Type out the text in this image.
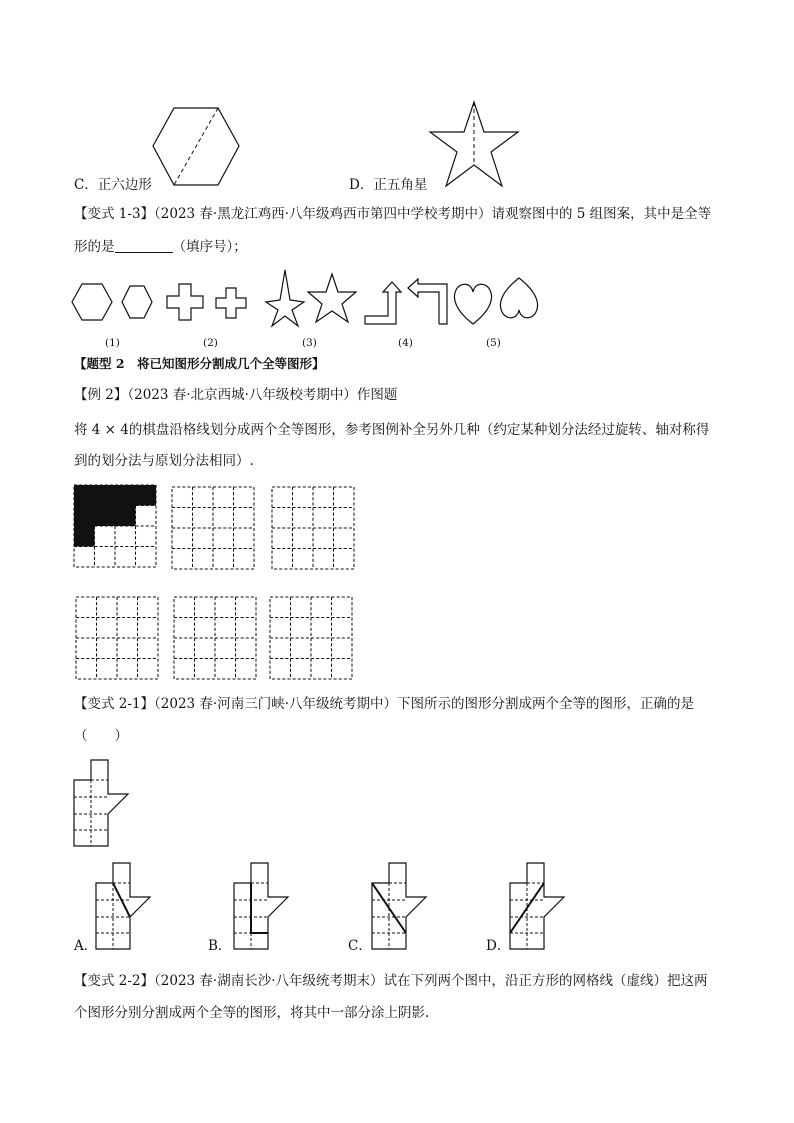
C．正六边形	D．正五角星
【变式 1-3】（2023 春·黑龙江鸡西·八年级鸡西市第四中学校考期中）请观察图中的 5 组图案，其中是全等
形的是	（填序号）；
(1)	(2)	(3)	(4)	(5)
【题型 2　将已知图形分割成几个全等图形】
【例 2】（2023 春·北京西城·八年级校考期中）作图题
将 4 × 4的棋盘沿格线划分成两个全等图形，参考图例补全另外几种（约定某种划分法经过旋转、轴对称得
到的划分法与原划分法相同）.
【变式 2-1】（2023 春·河南三门峡·八年级统考期中）下图所示的图形分割成两个全等的图形，正确的是
（　　）
A．	B．	C．	D．
【变式 2-2】（2023 春·湖南长沙·八年级统考期末）试在下列两个图中，沿正方形的网格线（虚线）把这两
个图形分别分割成两个全等的图形，将其中一部分涂上阴影.
